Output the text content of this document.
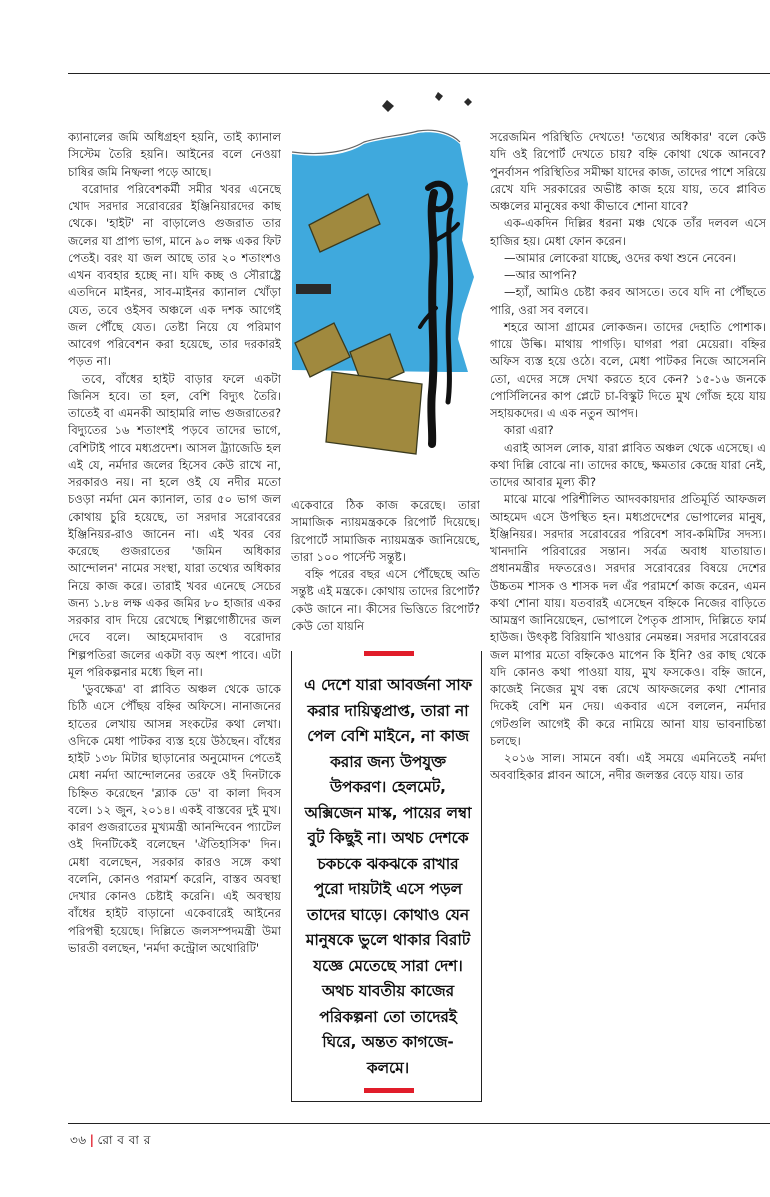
ক্যানালের জমি অধিগ্রহণ হয়নি, তাই ক্যানাল সিস্টেম তৈরি হয়নি। আইনের বলে নেওয়া চাষির জমি নিষ্ফলা পড়ে আছে।

বরোদার পরিবেশকর্মী সমীর খবর এনেছে খোদ সরদার সরোবরের ইঞ্জিনিয়ারদের কাছ থেকে। 'হাইট' না বাড়ালেও গুজরাত তার জলের যা প্রাপ্য ভাগ, মানে ৯০ লক্ষ একর ফিট পেতই। বরং যা জল আছে তার ২০ শতাংশও এখন ব্যবহার হচ্ছে না। যদি কচ্ছ ও সৌরাষ্ট্রে এতদিনে মাইনর, সাব-মাইনর ক্যানাল খোঁড়া যেত, তবে ওইসব অঞ্চলে এক দশক আগেই জল পৌঁছে যেত। তেষ্টা নিয়ে যে পরিমাণ আবেগ পরিবেশন করা হয়েছে, তার দরকারই পড়ত না।

তবে, বাঁধের হাইট বাড়ার ফলে একটা জিনিস হবে। তা হল, বেশি বিদ্যুৎ তৈরি। তাতেই বা এমনকী আহামরি লাভ গুজরাতের? বিদ্যুতের ১৬ শতাংশই পড়বে তাদের ভাগে, বেশিটাই পাবে মধ্যপ্রদেশ। আসল ট্র্যাজেডি হল এই যে, নর্মদার জলের হিসেব কেউ রাখে না, সরকারও নয়। না হলে ওই যে নদীর মতো চওড়া নর্মদা মেন ক্যানাল, তার ৫০ ভাগ জল কোথায় চুরি হয়েছে, তা সরদার সরোবরের ইঞ্জিনিয়র-রাও জানেন না। এই খবর বের করেছে গুজরাতের 'জমিন অধিকার আন্দোলন' নামের সংস্থা, যারা তথ্যের অধিকার নিয়ে কাজ করে। তারাই খবর এনেছে সেচের জন্য ১.৮৪ লক্ষ একর জমির ৮০ হাজার একর সরকার বাদ দিয়ে রেখেছে শিল্পগোষ্ঠীদের জল দেবে বলে। আহমেদাবাদ ও বরোদার শিল্পপতিরা জলের একটা বড় অংশ পাবে। এটা মূল পরিকল্পনার মধ্যে ছিল না।

'ডুবক্ষেত্র' বা প্লাবিত অঞ্চল থেকে ডাকে চিঠি এসে পৌঁছয় বহ্নির অফিসে। নানাজনের হাতের লেখায় আসন্ন সংকটের কথা লেখা। ওদিকে মেধা পাটকর ব্যস্ত হয়ে উঠছেন। বাঁধের হাইট ১৩৮ মিটার ছাড়ানোর অনুমোদন পেতেই মেধা নর্মদা আন্দোলনের তরফে ওই দিনটাকে চিহ্নিত করেছেন 'ব্ল্যাক ডে' বা কালা দিবস বলে। ১২ জুন, ২০১৪। একই বাস্তবের দুই মুখ। কারণ গুজরাতের মুখ্যমন্ত্রী আনন্দিবেন প্যাটেল ওই দিনটিকেই বলেছেন 'ঐতিহাসিক' দিন। মেধা বলেছেন, সরকার কারও সঙ্গে কথা বলেনি, কোনও পরামর্শ করেনি, বাস্তব অবস্থা দেখার কোনও চেষ্টাই করেনি। এই অবস্থায় বাঁধের হাইট বাড়ানো একেবারেই আইনের পরিপন্থী হয়েছে। দিল্লিতে জলসম্পদমন্ত্রী উমা ভারতী বলছেন, 'নর্মদা কন্ট্রোল অথোরিটি'

একেবারে ঠিক কাজ করেছে। তারা সামাজিক ন্যায়মন্ত্রককে রিপোর্ট দিয়েছে। রিপোর্টে সামাজিক ন্যায়মন্ত্রক জানিয়েছে, তারা ১০০ পার্সেন্ট সন্তুষ্ট।

বহ্নি পরের বছর এসে পৌঁছেছে অতি সন্তুষ্ট এই মন্ত্রকে। কোথায় তাদের রিপোর্ট? কেউ জানে না। কীসের ভিত্তিতে রিপোর্ট? কেউ তো যায়নি

এ দেশে যারা আবর্জনা সাফ করার দায়িত্বপ্রাপ্ত, তারা না পেল বেশি মাইনে, না কাজ করার জন্য উপযুক্ত উপকরণ। হেলমেট, অক্সিজেন মাস্ক, পায়ের লম্বা বুট কিছুই না। অথচ দেশকে চকচকে ঝকঝকে রাখার পুরো দায়টাই এসে পড়ল তাদের ঘাড়ে। কোথাও যেন মানুষকে ভুলে থাকার বিরাট যজ্ঞে মেতেছে সারা দেশ। অথচ যাবতীয় কাজের পরিকল্পনা তো তাদেরই ঘিরে, অন্তত কাগজে-কলমে।

সরেজমিন পরিস্থিতি দেখতে! 'তথ্যের অধিকার' বলে কেউ যদি ওই রিপোর্ট দেখতে চায়? বহ্নি কোথা থেকে আনবে? পুনর্বাসন পরিস্থিতির সমীক্ষা যাদের কাজ, তাদের পাশে সরিয়ে রেখে যদি সরকারের অভীষ্ট কাজ হয়ে যায়, তবে প্লাবিত অঞ্চলের মানুষের কথা কীভাবে শোনা যাবে?

এক-একদিন দিল্লির ধরনা মঞ্চ থেকে তাঁর দলবল এসে হাজির হয়। মেধা ফোন করেন।

—আমার লোকেরা যাচ্ছে, ওদের কথা শুনে নেবেন।

—আর আপনি?

—হ্যাঁ, আমিও চেষ্টা করব আসতে। তবে যদি না পৌঁছতে পারি, ওরা সব বলবে।

শহরে আসা গ্রামের লোকজন। তাদের দেহাতি পোশাক। গায়ে উল্কি। মাথায় পাগড়ি। ঘাগরা পরা মেয়েরা। বহ্নির অফিস ব্যস্ত হয়ে ওঠে। বলে, মেধা পাটকর নিজে আসেননি তো, এদের সঙ্গে দেখা করতে হবে কেন? ১৫-১৬ জনকে পোর্সিলিনের কাপ প্লেটে চা-বিস্কুট দিতে মুখ গোঁজ হয়ে যায় সহায়কদের। এ এক নতুন আপদ।

কারা এরা?

এরাই আসল লোক, যারা প্লাবিত অঞ্চল থেকে এসেছে। এ কথা দিল্লি বোঝে না। তাদের কাছে, ক্ষমতার কেন্দ্রে যারা নেই, তাদের আবার মূল্য কী?

মাঝে মাঝে পরিশীলিত আদবকায়দার প্রতিমূর্তি আফজল আহমেদ এসে উপস্থিত হন। মধ্যপ্রদেশের ভোপালের মানুষ, ইঞ্জিনিয়র। সরদার সরোবরের পরিবেশ সাব-কমিটির সদস্য। খানদানি পরিবারের সন্তান। সর্বত্র অবাধ যাতায়াত। প্রধানমন্ত্রীর দফতরেও। সরদার সরোবরের বিষয়ে দেশের উচ্চতম শাসক ও শাসক দল এঁর পরামর্শে কাজ করেন, এমন কথা শোনা যায়। যতবারই এসেছেন বহ্নিকে নিজের বাড়িতে আমন্ত্রণ জানিয়েছেন, ভোপালে পৈতৃক প্রাসাদ, দিল্লিতে ফার্ম হাউজ। উৎকৃষ্ট বিরিয়ানি খাওয়ার নেমন্তন্ন। সরদার সরোবরের জল মাপার মতো বহ্নিকেও মাপেন কি ইনি? ওর কাছ থেকে যদি কোনও কথা পাওয়া যায়, মুখ ফসকেও। বহ্নি জানে, কাজেই নিজের মুখ বন্ধ রেখে আফজলের কথা শোনার দিকেই বেশি মন দেয়। একবার এসে বললেন, নর্মদার গেটগুলি আগেই কী করে নামিয়ে আনা যায় ভাবনাচিন্তা চলছে।

২০১৬ সাল। সামনে বর্ষা। এই সময়ে এমনিতেই নর্মদা অববাহিকার প্লাবন আসে, নদীর জলস্তর বেড়ে যায়। তার

৩৬ | রো ব বা র
